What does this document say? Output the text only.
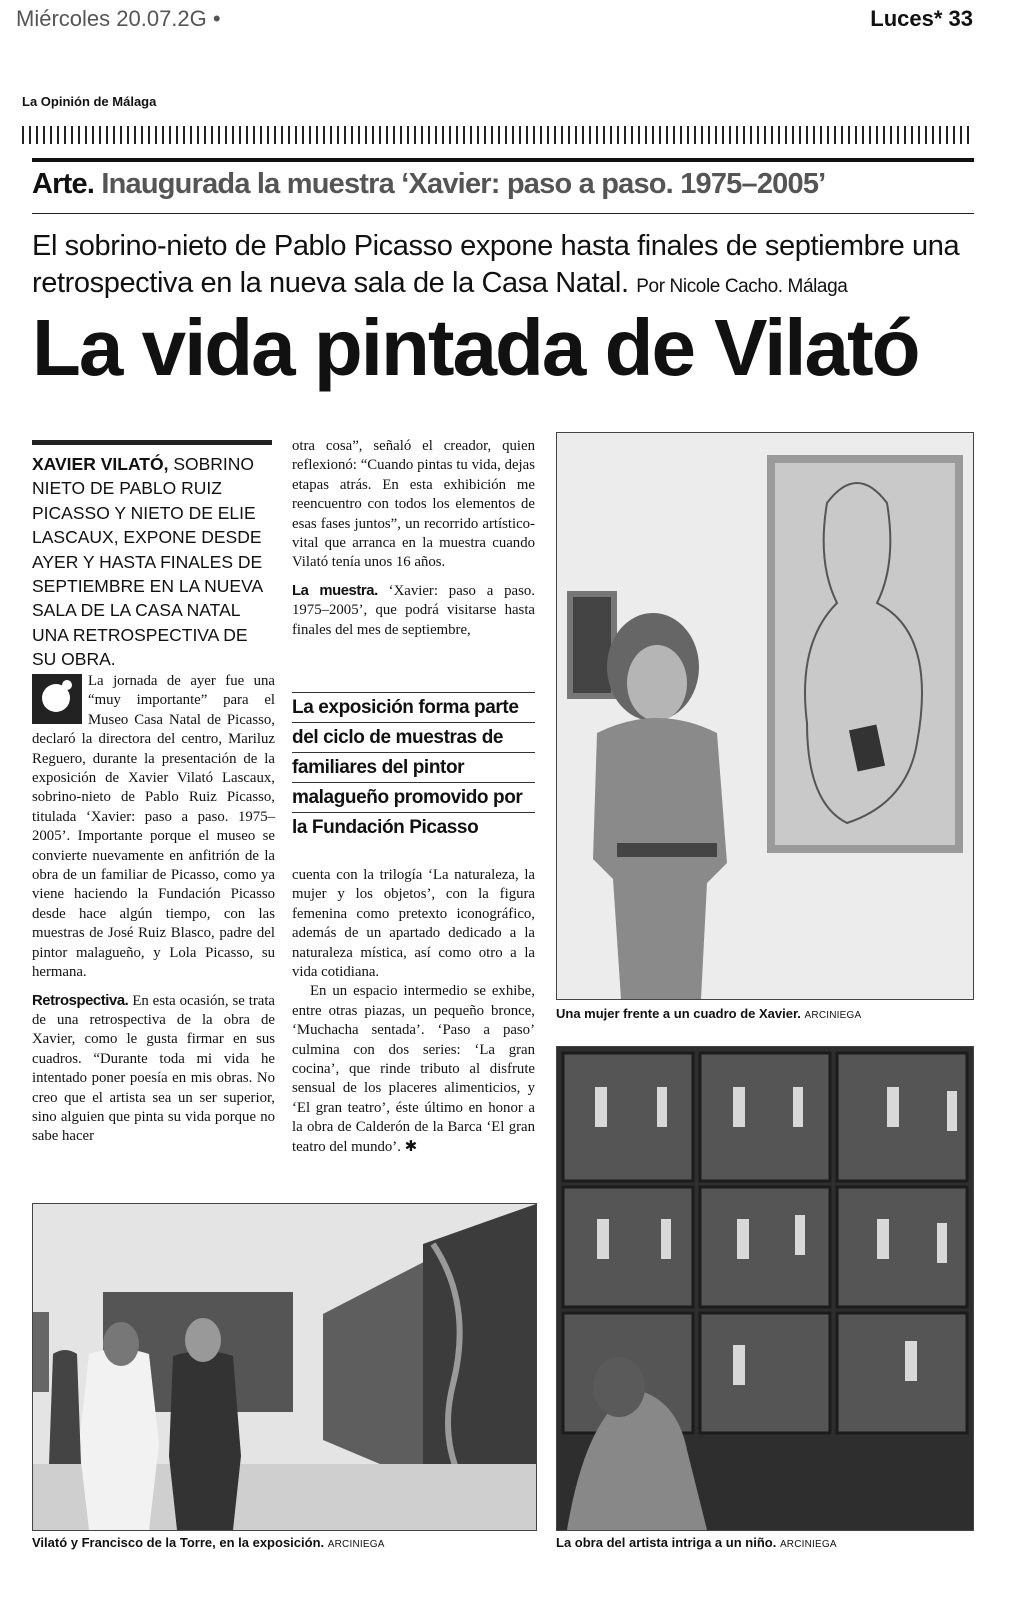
Miércoles 20.07.2G •	Luces* 33
La Opinión de Málaga
Arte. Inaugurada la muestra ‘Xavier: paso a paso. 1975–2005’
El sobrino-nieto de Pablo Picasso expone hasta finales de septiembre una retrospectiva en la nueva sala de la Casa Natal. Por Nicole Cacho. Málaga
La vida pintada de Vilató
XAVIER VILATÓ, SOBRINO NIETO DE PABLO RUIZ PICASSO Y NIETO DE ELIE LASCAUX, EXPONE DESDE AYER Y HASTA FINALES DE SEPTIEMBRE EN LA NUEVA SALA DE LA CASA NATAL UNA RETROSPECTIVA DE SU OBRA.

La jornada de ayer fue una “muy importante” para el Museo Casa Natal de Picasso, declaró la directora del centro, Mariluz Reguero, durante la presentación de la exposición de Xavier Vilató Lascaux, sobrino-nieto de Pablo Ruiz Picasso, titulada ‘Xavier: paso a paso. 1975–2005’. Importante porque el museo se convierte nuevamente en anfitrión de la obra de un familiar de Picasso, como ya viene haciendo la Fundación Picasso desde hace algún tiempo, con las muestras de José Ruiz Blasco, padre del pintor malagueño, y Lola Picasso, su hermana.

Retrospectiva. En esta ocasión, se trata de una retrospectiva de la obra de Xavier, como le gusta firmar en sus cuadros. “Durante toda mi vida he intentado poner poesía en mis obras. No creo que el artista sea un ser superior, sino alguien que pinta su vida porque no sabe hacer

otra cosa”, señaló el creador, quien reflexionó: “Cuando pintas tu vida, dejas etapas atrás. En esta exhibición me reencuentro con todos los elementos de esas fases juntos”, un recorrido artístico-vital que arranca en la muestra cuando Vilató tenía unos 16 años.

La muestra. ‘Xavier: paso a paso. 1975–2005’, que podrá visitarse hasta finales del mes de septiembre,

La exposición forma parte
del ciclo de muestras de
familiares del pintor
malagueño promovido por
la Fundación Picasso

cuenta con la trilogía ‘La naturaleza, la mujer y los objetos’, con la figura femenina como pretexto iconográfico, además de un apartado dedicado a la naturaleza mística, así como otro a la vida cotidiana.

En un espacio intermedio se exhibe, entre otras piazas, un pequeño bronce, ‘Muchacha sentada’. ‘Paso a paso’ culmina con dos series: ‘La gran cocina’, que rinde tributo al disfrute sensual de los placeres alimenticios, y ‘El gran teatro’, éste último en honor a la obra de Calderón de la Barca ‘El gran teatro del mundo’. ✱

Una mujer frente a un cuadro de Xavier. ARCINIEGA
La obra del artista intriga a un niño. ARCINIEGA
Vilató y Francisco de la Torre, en la exposición. ARCINIEGA
